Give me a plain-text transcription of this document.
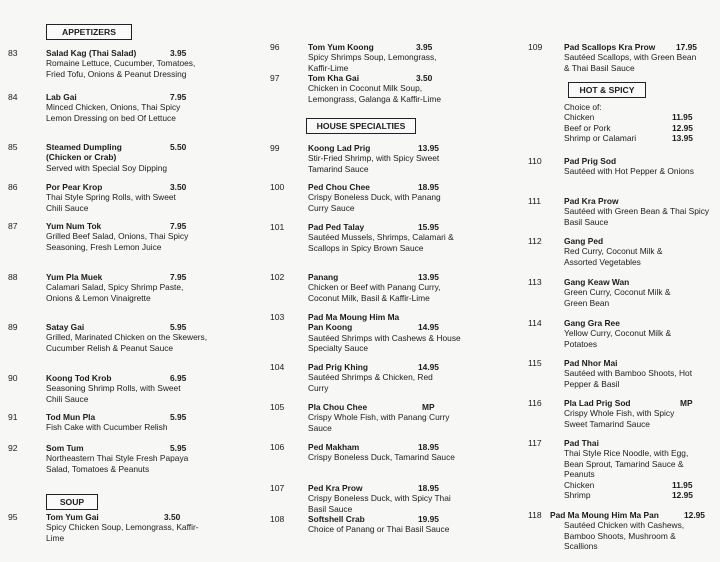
APPETIZERS
83	Salad Kag (Thai Salad)	3.95
Romaine Lettuce, Cucumber, Tomatoes, Fried Tofu, Onions & Peanut Dressing
84	Lab Gai	7.95
Minced Chicken, Onions, Thai Spicy Lemon Dressing on bed Of Lettuce
85	Steamed Dumpling (Chicken or Crab)
5.50
Served with Special Soy Dipping
86	Por Pear Krop	3.50
Thai Style Spring Rolls, with Sweet Chili Sauce
87	Yum Num Tok	7.95
Grilled Beef Salad, Onions, Thai Spicy Seasoning, Fresh Lemon Juice
88	Yum Pla Muek	7.95
Calamari Salad, Spicy Shrimp Paste, Onions & Lemon Vinaigrette
89	Satay Gai	5.95
Grilled, Marinated Chicken on the Skewers, Cucumber Relish & Peanut Sauce
90	Koong Tod Krob	6.95
Seasoning Shrimp Rolls, with Sweet Chili Sauce
91	Tod Mun Pla	5.95
Fish Cake with Cucumber Relish
92	Som Tum	5.95
Northeastern Thai Style Fresh Papaya Salad, Tomatoes & Peanuts
SOUP
95	Tom Yum Gai	3.50
Spicy Chicken Soup, Lemongrass, Kaffir-Lime
96	Tom Yum Koong	3.95
Spicy Shrimps Soup, Lemongrass, Kaffir-Lime
97	Tom Kha Gai	3.50
Chicken in Coconut Milk Soup, Lemongrass, Galanga & Kaffir-Lime
HOUSE SPECIALTIES
99	Koong Lad Prig	13.95
Stir-Fried Shrimp, with Spicy Sweet Tamarind Sauce
100	Ped Chou Chee	18.95
Crispy Boneless Duck, with Panang Curry Sauce
101	Pad Ped Talay	15.95
Sautéed Mussels, Shrimps, Calamari & Scallops in Spicy Brown Sauce
102	Panang	13.95
Chicken or Beef with Panang Curry, Coconut Milk, Basil & Kaffir-Lime
103	Pad Ma Moung Him Ma Pan Koong	14.95
Sautéed Shrimps with Cashews & House Specialty Sauce
104	Pad Prig Khing	14.95
Sautéed Shrimps & Chicken, Red Curry
105	Pla Chou Chee	MP
Crispy Whole Fish, with Panang Curry Sauce
106	Ped Makham	18.95
Crispy Boneless Duck, Tamarind Sauce
107	Ped Kra Prow	18.95
Crispy Boneless Duck, with Spicy Thai Basil Sauce
108	Softshell Crab	19.95
Choice of Panang or Thai Basil Sauce
109	Pad Scallops Kra Prow 17.95
Sautéed Scallops, with Green Bean & Thai Basil Sauce
HOT & SPICY
Choice of:
Chicken	11.95
Beef or Pork	12.95
Shrimp or Calamari	13.95
110	Pad Prig Sod
Sautéed with Hot Pepper & Onions
111	Pad Kra Prow
Sautéed with Green Bean & Thai Spicy Basil Sauce
112	Gang Ped
Red Curry, Coconut Milk & Assorted Vegetables
113	Gang Keaw Wan
Green Curry, Coconut Milk & Green Bean
114	Gang Gra Ree
Yellow Curry, Coconut Milk & Potatoes
115	Pad Nhor Mai
Sautéed with Bamboo Shoots, Hot Pepper & Basil
116	Pla Lad Prig Sod	MP
Crispy Whole Fish, with Spicy Sweet Tamarind Sauce
117	Pad Thai
Thai Style Rice Noodle, with Egg, Bean Sprout, Tamarind Sauce & Peanuts
Chicken	11.95
Shrimp	12.95
118 Pad Ma Moung Him Ma Pan	12.95
Sautéed Chicken with Cashews, Bamboo Shoots, Mushroom & Scallions
